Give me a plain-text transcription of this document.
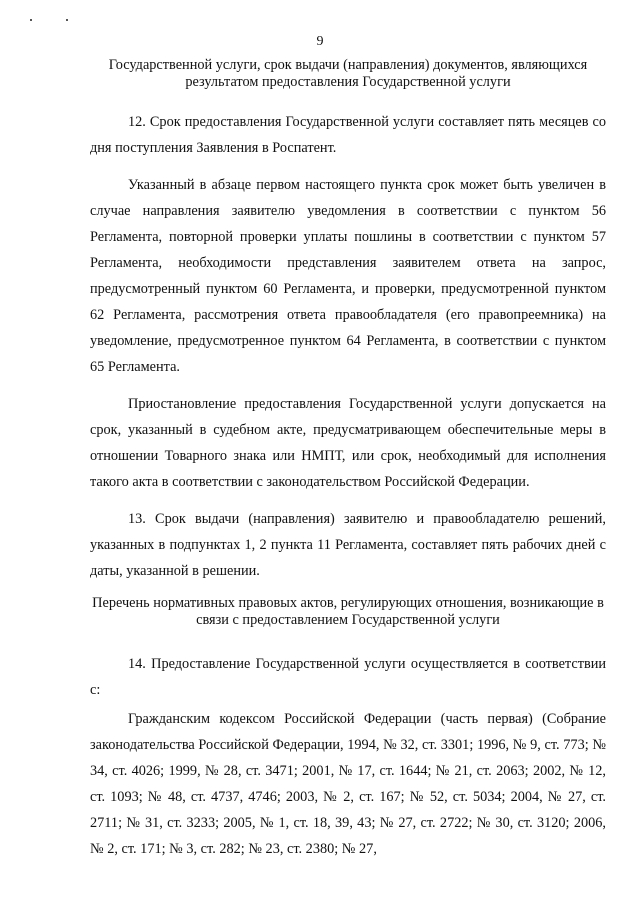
9
Государственной услуги, срок выдачи (направления) документов, являющихся результатом предоставления Государственной услуги

12. Срок предоставления Государственной услуги составляет пять месяцев со дня поступления Заявления в Роспатент.

Указанный в абзаце первом настоящего пункта срок может быть увеличен в случае направления заявителю уведомления в соответствии с пунктом 56 Регламента, повторной проверки уплаты пошлины в соответствии с пунктом 57 Регламента, необходимости представления заявителем ответа на запрос, предусмотренный пунктом 60 Регламента, и проверки, предусмотренной пунктом 62 Регламента, рассмотрения ответа правообладателя (его правопреемника) на уведомление, предусмотренное пунктом 64 Регламента, в соответствии с пунктом 65 Регламента.

Приостановление предоставления Государственной услуги допускается на срок, указанный в судебном акте, предусматривающем обеспечительные меры в отношении Товарного знака или НМПТ, или срок, необходимый для исполнения такого акта в соответствии с законодательством Российской Федерации.

13. Срок выдачи (направления) заявителю и правообладателю решений, указанных в подпунктах 1, 2 пункта 11 Регламента, составляет пять рабочих дней с даты, указанной в решении.

Перечень нормативных правовых актов, регулирующих отношения, возникающие в связи с предоставлением Государственной услуги

14. Предоставление Государственной услуги осуществляется в соответствии с:

Гражданским кодексом Российской Федерации (часть первая) (Собрание законодательства Российской Федерации, 1994, № 32, ст. 3301; 1996, № 9, ст. 773; № 34, ст. 4026; 1999, № 28, ст. 3471; 2001, № 17, ст. 1644; № 21, ст. 2063; 2002, № 12, ст. 1093; № 48, ст. 4737, 4746; 2003, № 2, ст. 167; № 52, ст. 5034; 2004, № 27, ст. 2711; № 31, ст. 3233; 2005, № 1, ст. 18, 39, 43; № 27, ст. 2722; № 30, ст. 3120; 2006, № 2, ст. 171; № 3, ст. 282; № 23, ст. 2380; № 27,
